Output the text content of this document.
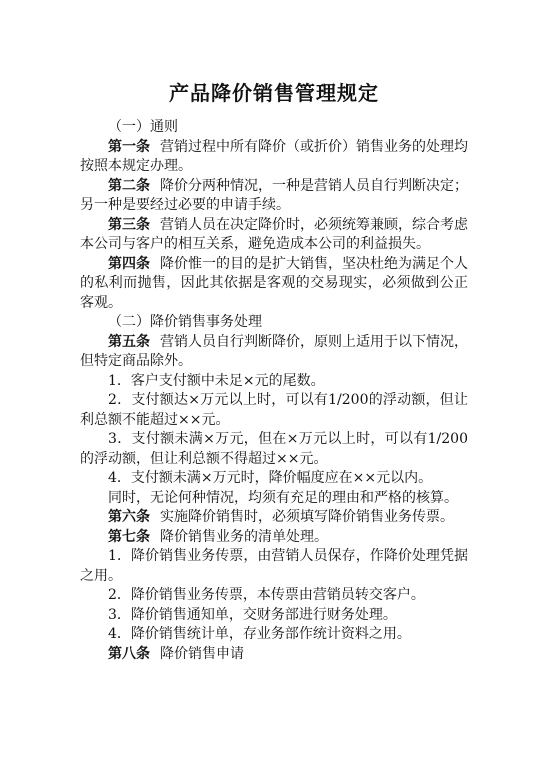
产品降价销售管理规定

（一）通则

第一条 营销过程中所有降价（或折价）销售业务的处理均按照本规定办理。

第二条 降价分两种情况，一种是营销人员自行判断决定；另一种是要经过必要的申请手续。

第三条 营销人员在决定降价时，必须统筹兼顾，综合考虑本公司与客户的相互关系，避免造成本公司的利益损失。

第四条 降价惟一的目的是扩大销售，坚决杜绝为满足个人的私利而抛售，因此其依据是客观的交易现实，必须做到公正客观。

（二）降价销售事务处理

第五条 营销人员自行判断降价，原则上适用于以下情况，但特定商品除外。

1．客户支付额中未足×元的尾数。

2．支付额达×万元以上时，可以有1/200的浮动额，但让利总额不能超过××元。

3．支付额未满×万元，但在×万元以上时，可以有1/200的浮动额，但让利总额不得超过××元。

4．支付额未满×万元时，降价幅度应在××元以内。

同时，无论何种情况，均须有充足的理由和严格的核算。

第六条 实施降价销售时，必须填写降价销售业务传票。

第七条 降价销售业务的清单处理。

1．降价销售业务传票，由营销人员保存，作降价处理凭据之用。

2．降价销售业务传票，本传票由营销员转交客户。

3．降价销售通知单，交财务部进行财务处理。

4．降价销售统计单，存业务部作统计资料之用。

第八条 降价销售申请
